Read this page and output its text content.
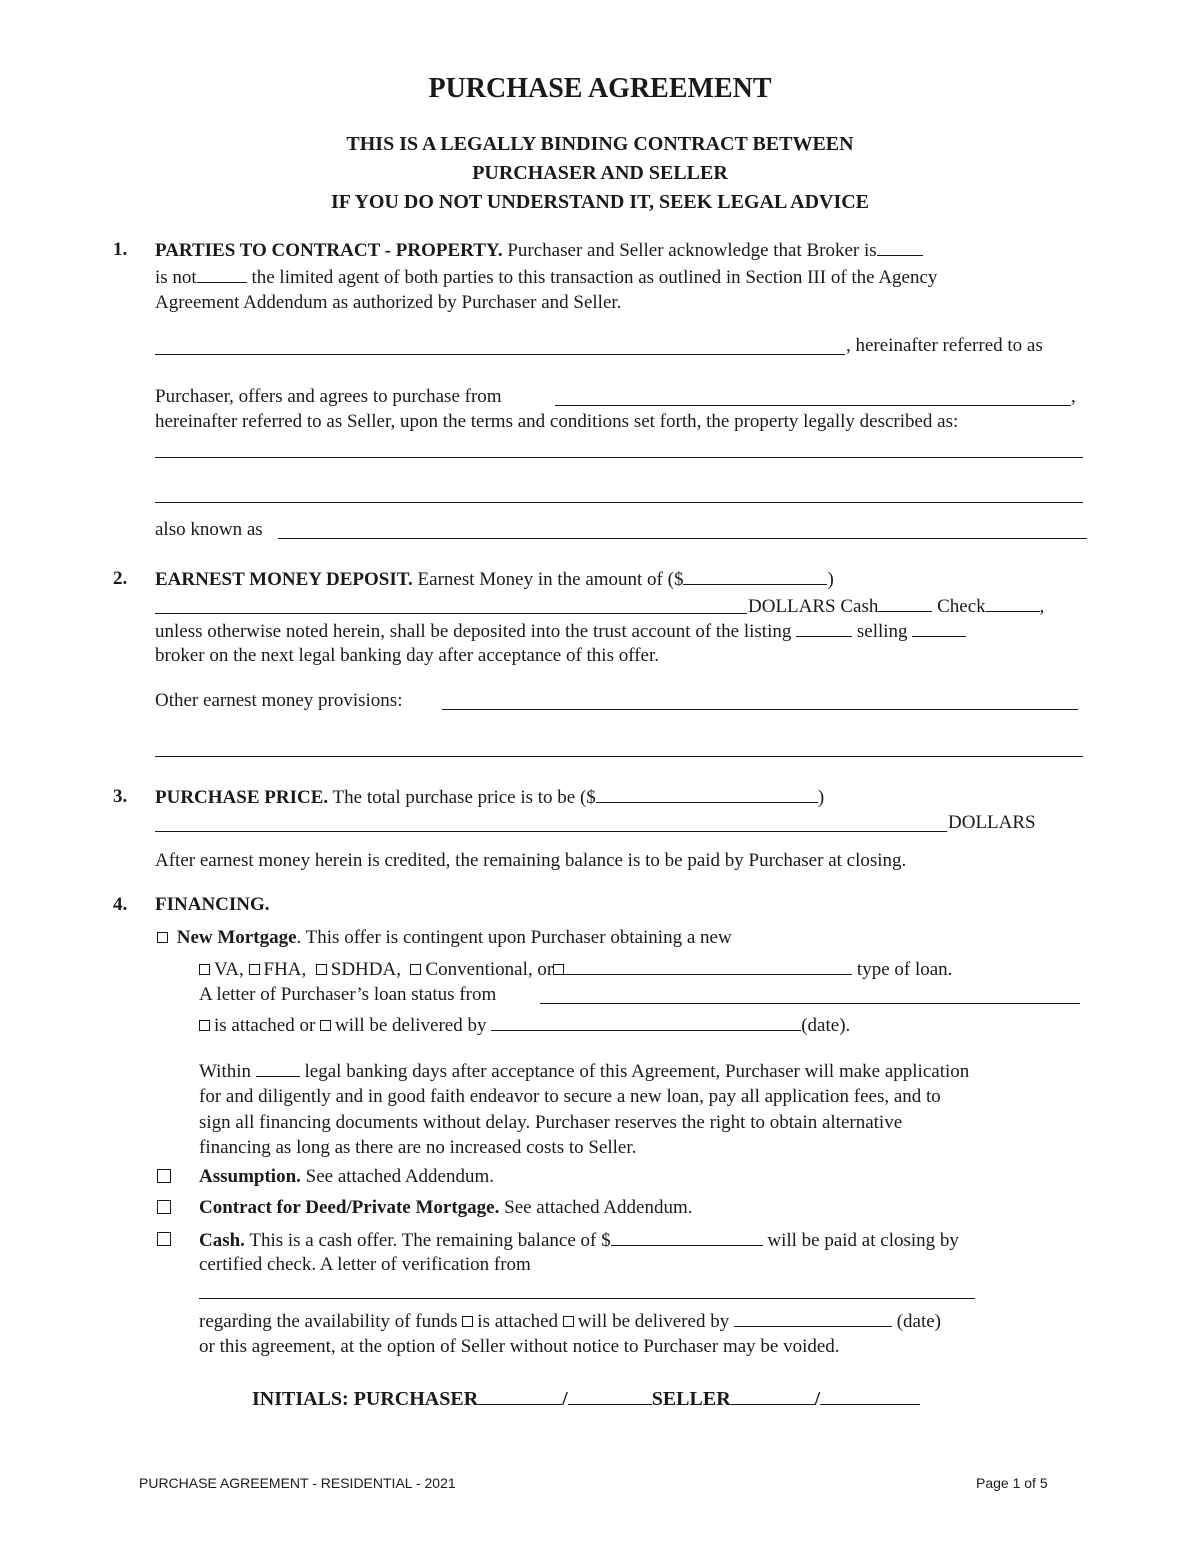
PURCHASE AGREEMENT
THIS IS A LEGALLY BINDING CONTRACT BETWEEN
PURCHASER AND SELLER
IF YOU DO NOT UNDERSTAND IT, SEEK LEGAL ADVICE
1. PARTIES TO CONTRACT - PROPERTY. Purchaser and Seller acknowledge that Broker is
is not	the limited agent of both parties to this transaction as outlined in Section III of the Agency
Agreement Addendum as authorized by Purchaser and Seller.
, hereinafter referred to as
Purchaser, offers and agrees to purchase from	,
hereinafter referred to as Seller, upon the terms and conditions set forth, the property legally described as:
also known as
2. EARNEST MONEY DEPOSIT. Earnest Money in the amount of ($	)
DOLLARS Cash	Check	,
unless otherwise noted herein, shall be deposited into the trust account of the listing	selling
broker on the next legal banking day after acceptance of this offer.
Other earnest money provisions:
3. PURCHASE PRICE. The total purchase price is to be ($	)
DOLLARS
After earnest money herein is credited, the remaining balance is to be paid by Purchaser at closing.
4. FINANCING.
New Mortgage. This offer is contingent upon Purchaser obtaining a new
VA, FHA, SDHDA, Conventional, or	type of loan.
A letter of Purchaser’s loan status from
is attached or will be delivered by	(date).
Within	legal banking days after acceptance of this Agreement, Purchaser will make application
for and diligently and in good faith endeavor to secure a new loan, pay all application fees, and to
sign all financing documents without delay. Purchaser reserves the right to obtain alternative
financing as long as there are no increased costs to Seller.
Assumption. See attached Addendum.
Contract for Deed/Private Mortgage. See attached Addendum.
Cash. This is a cash offer. The remaining balance of $	will be paid at closing by
certified check. A letter of verification from
regarding the availability of funds is attached will be delivered by	(date)
or this agreement, at the option of Seller without notice to Purchaser may be voided.
INITIALS: PURCHASER	/	SELLER	/
PURCHASE AGREEMENT - RESIDENTIAL - 2021	Page 1 of 5
